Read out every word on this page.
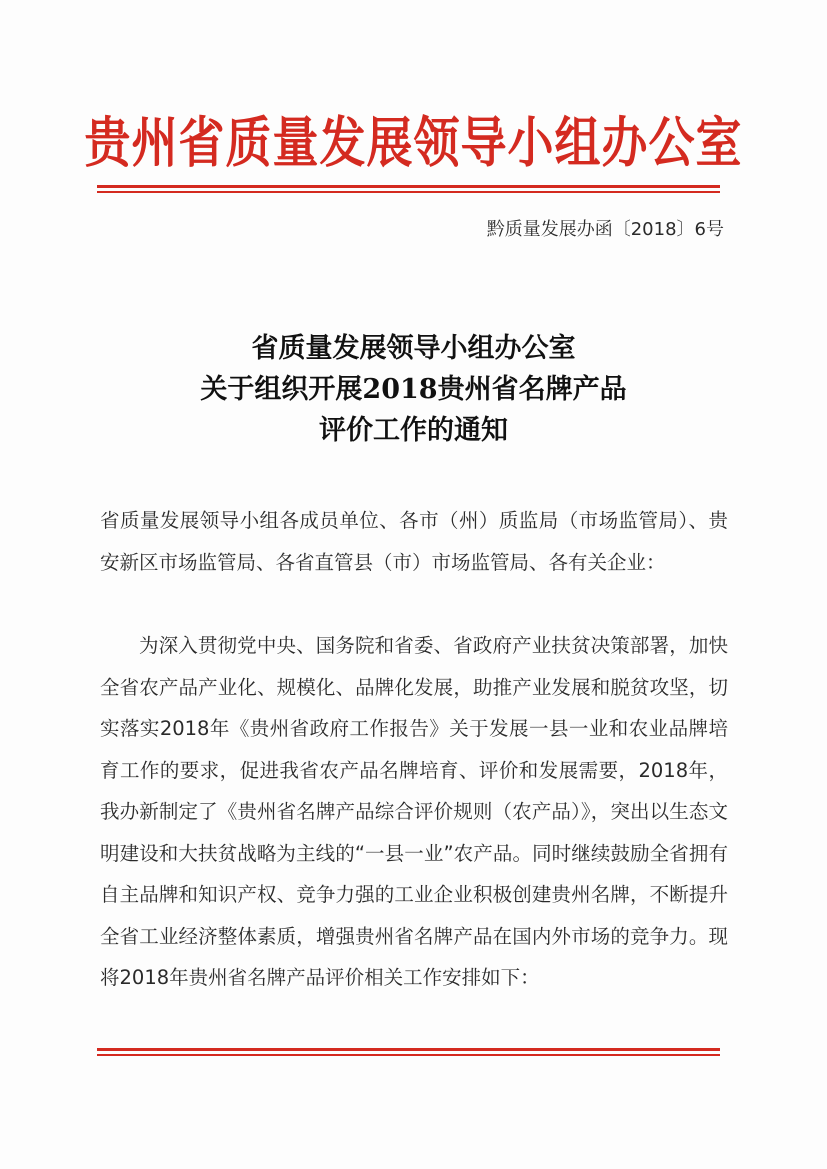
贵州省质量发展领导小组办公室
黔质量发展办函〔2018〕6号
省质量发展领导小组办公室
关于组织开展2018贵州省名牌产品
评价工作的通知
省质量发展领导小组各成员单位、各市（州）质监局（市场监管局）、贵安新区市场监管局、各省直管县（市）市场监管局、各有关企业：
为深入贯彻党中央、国务院和省委、省政府产业扶贫决策部署，加快全省农产品产业化、规模化、品牌化发展，助推产业发展和脱贫攻坚，切实落实2018年《贵州省政府工作报告》关于发展一县一业和农业品牌培育工作的要求，促进我省农产品名牌培育、评价和发展需要，2018年，我办新制定了《贵州省名牌产品综合评价规则（农产品）》，突出以生态文明建设和大扶贫战略为主线的“一县一业”农产品。同时继续鼓励全省拥有自主品牌和知识产权、竞争力强的工业企业积极创建贵州名牌，不断提升全省工业经济整体素质，增强贵州省名牌产品在国内外市场的竞争力。现将2018年贵州省名牌产品评价相关工作安排如下：
